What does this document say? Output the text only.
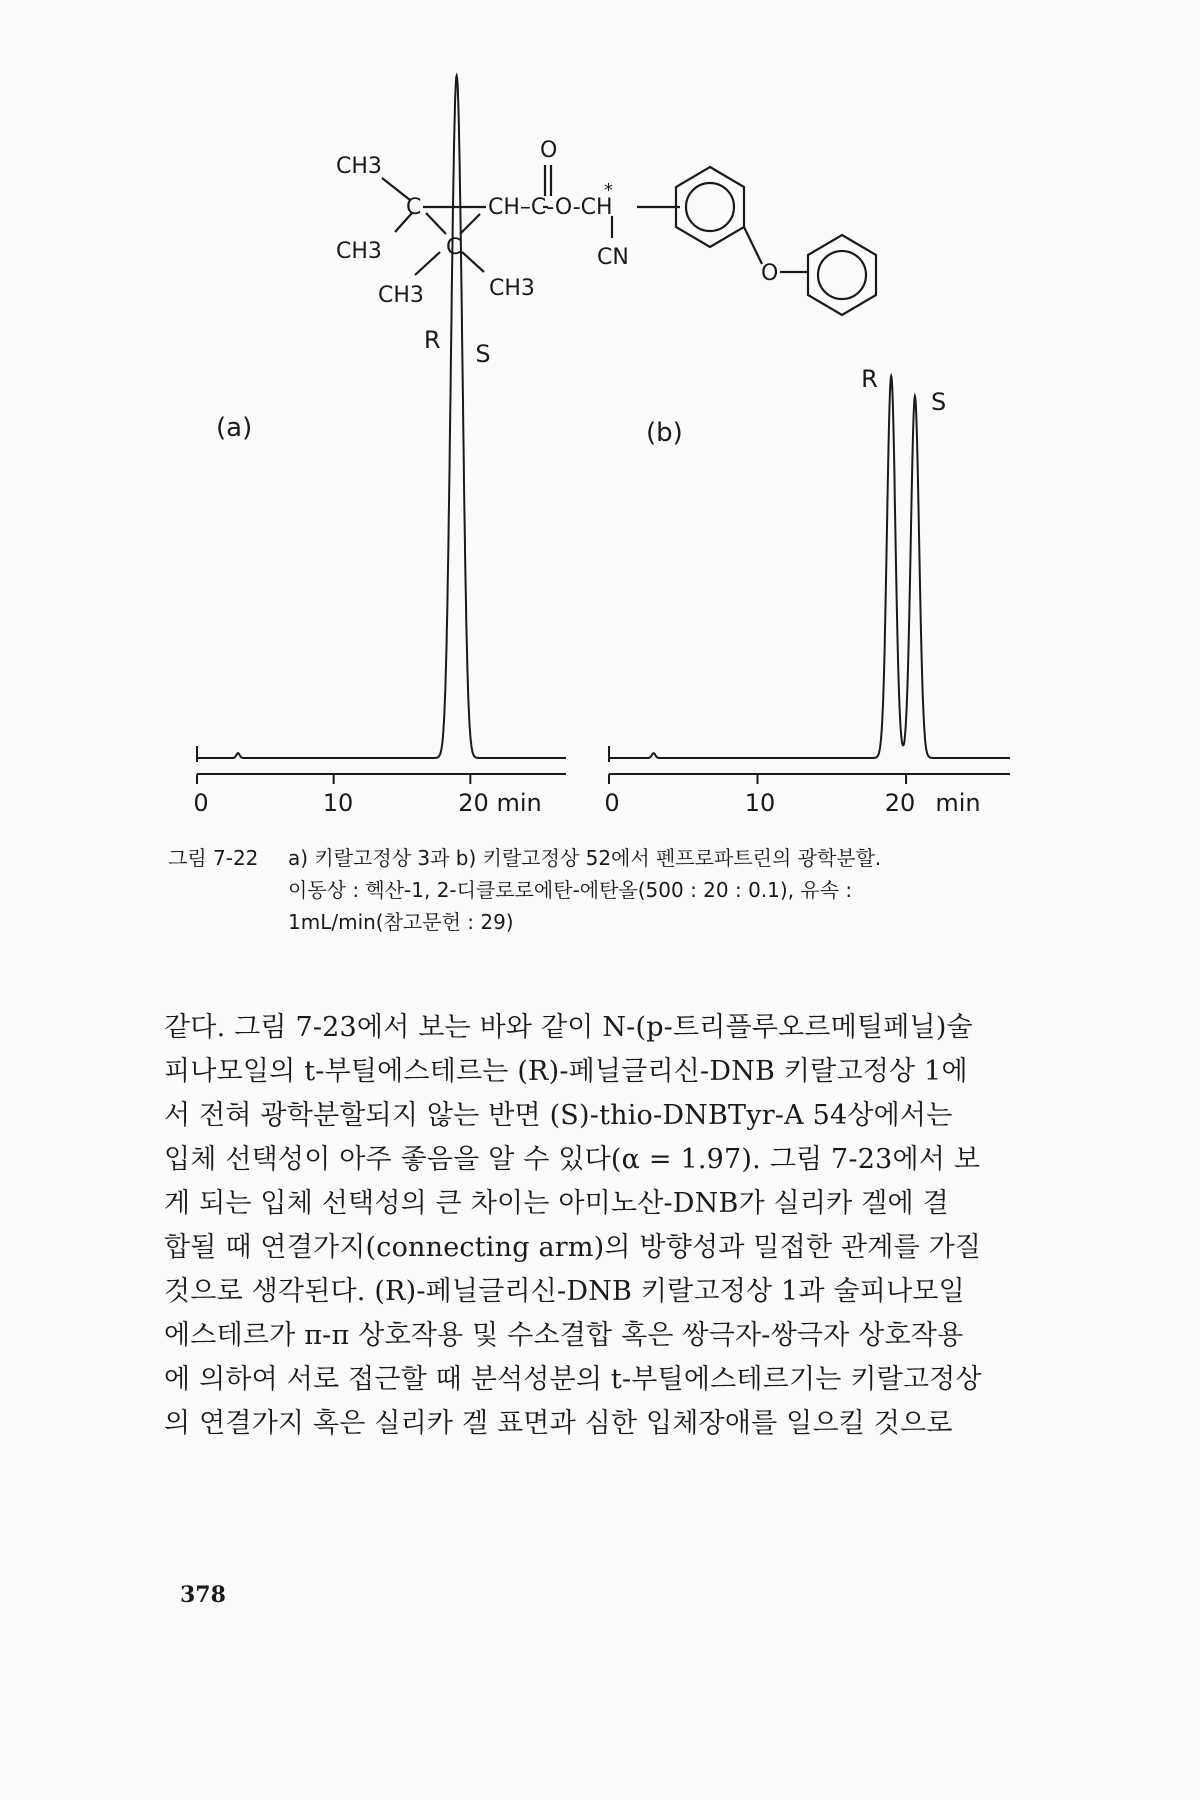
CH3
CH3
CH3	CH3
C
C
CH–C-O-CH
O
*
CN
O
(a)	(b)
R S
0	10	20 min
R
S
0	10	20 min
그림 7-22	a) 키랄고정상 3과 b) 키랄고정상 52에서 펜프로파트린의 광학분할.
이동상 : 헥산-1, 2-디클로로에탄-에탄올(500 : 20 : 0.1), 유속 :
1mL/min(참고문헌 : 29)
같다. 그림 7-23에서 보는 바와 같이 N-(p-트리플루오르메틸페닐)술
피나모일의 t-부틸에스테르는 (R)-페닐글리신-DNB 키랄고정상 1에
서 전혀 광학분할되지 않는 반면 (S)-thio-DNBTyr-A 54상에서는
입체 선택성이 아주 좋음을 알 수 있다(α = 1.97). 그림 7-23에서 보
게 되는 입체 선택성의 큰 차이는 아미노산-DNB가 실리카 겔에 결
합될 때 연결가지(connecting arm)의 방향성과 밀접한 관계를 가질
것으로 생각된다. (R)-페닐글리신-DNB 키랄고정상 1과 술피나모일
에스테르가 π-π 상호작용 및 수소결합 혹은 쌍극자-쌍극자 상호작용
에 의하여 서로 접근할 때 분석성분의 t-부틸에스테르기는 키랄고정상
의 연결가지 혹은 실리카 겔 표면과 심한 입체장애를 일으킬 것으로
378
